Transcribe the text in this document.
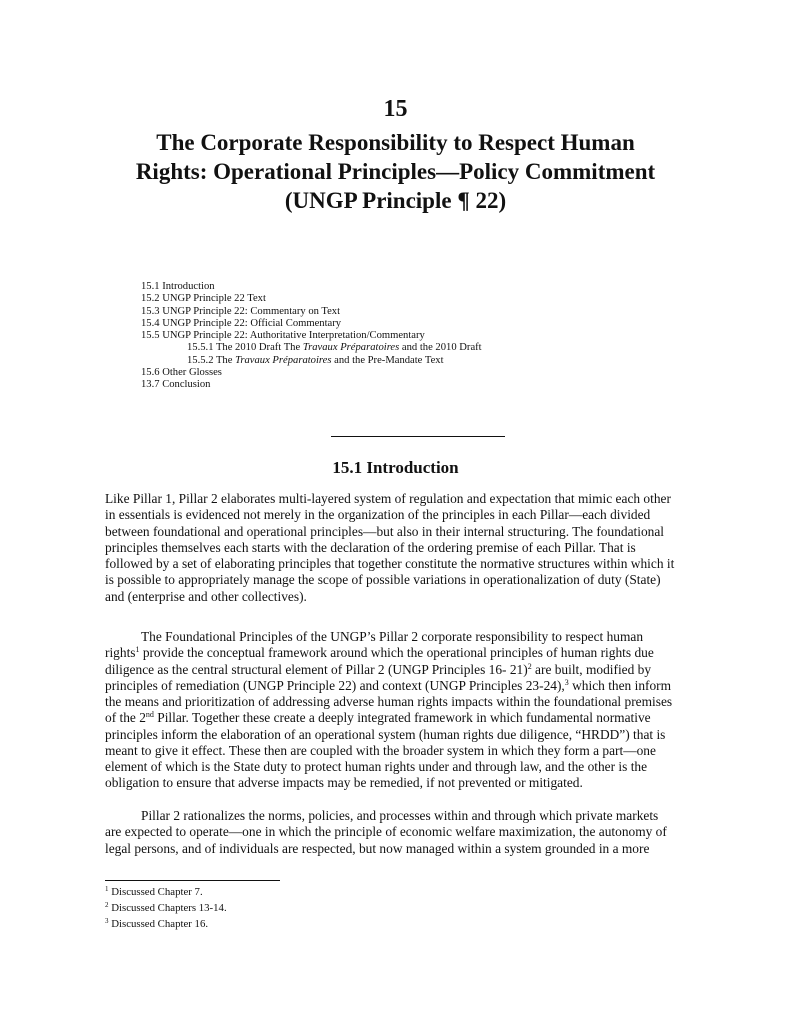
15
The Corporate Responsibility to Respect Human
Rights: Operational Principles—Policy Commitment
(UNGP Principle ¶ 22)
15.1 Introduction
15.2 UNGP Principle 22 Text
15.3 UNGP Principle 22: Commentary on Text
15.4 UNGP Principle 22: Official Commentary
15.5 UNGP Principle 22: Authoritative Interpretation/Commentary
15.5.1 The 2010 Draft The Travaux Préparatoires and the 2010 Draft
15.5.2 The Travaux Préparatoires and the Pre-Mandate Text
15.6 Other Glosses
13.7 Conclusion
15.1 Introduction
Like Pillar 1, Pillar 2 elaborates multi-layered system of regulation and expectation that mimic each other
in essentials is evidenced not merely in the organization of the principles in each Pillar—each divided
between foundational and operational principles—but also in their internal structuring. The foundational
principles themselves each starts with the declaration of the ordering premise of each Pillar. That is
followed by a set of elaborating principles that together constitute the normative structures within which it
is possible to appropriately manage the scope of possible variations in operationalization of duty (State)
and (enterprise and other collectives).
The Foundational Principles of the UNGP’s Pillar 2 corporate responsibility to respect human
rights$^1$ provide the conceptual framework around which the operational principles of human rights due
diligence as the central structural element of Pillar 2 (UNGP Principles 16- 21)$^2$ are built, modified by
principles of remediation (UNGP Principle 22) and context (UNGP Principles 23-24),$^3$ which then inform
the means and prioritization of addressing adverse human rights impacts within the foundational premises
of the 2nd Pillar. Together these create a deeply integrated framework in which fundamental normative
principles inform the elaboration of an operational system (human rights due diligence, “HRDD”) that is
meant to give it effect. These then are coupled with the broader system in which they form a part—one
element of which is the State duty to protect human rights under and through law, and the other is the
obligation to ensure that adverse impacts may be remedied, if not prevented or mitigated.
Pillar 2 rationalizes the norms, policies, and processes within and through which private markets
are expected to operate—one in which the principle of economic welfare maximization, the autonomy of
legal persons, and of individuals are respected, but now managed within a system grounded in a more
$^1$ Discussed Chapter 7.
$^2$ Discussed Chapters 13-14.
$^3$ Discussed Chapter 16.
